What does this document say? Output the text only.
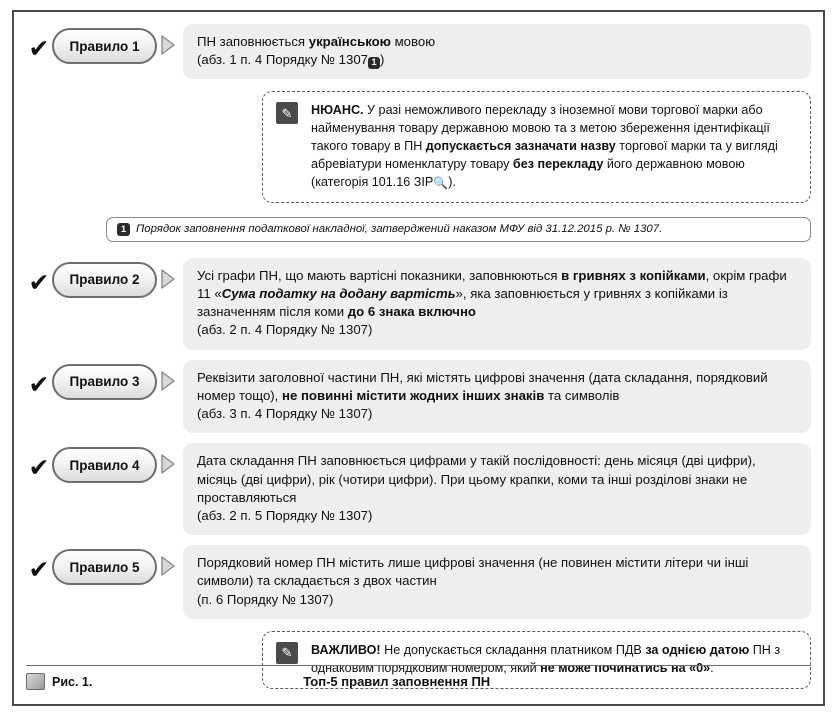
✔	Правило 1	ПН заповнюється українською мовою
(абз. 1 п. 4 Порядку № 1307 1 )
✎	НЮАНС. У разі неможливого перекладу з іноземної мови торгової марки або найменування товару державною мовою та з метою збереження ідентифікації такого товару в ПН допускається зазначати назву торгової марки та у вигляді абревіатури номенклатуру товару без перекладу його державною мовою (категорія 101.16 ЗІР🔍).
1 Порядок заповнення податкової накладної, затверджений наказом МФУ від 31.12.2015 р. № 1307.
✔	Правило 2	Усі графи ПН, що мають вартісні показники, заповнюються в гривнях з копійками, окрім графи 11 «Сума податку на додану вартість», яка заповнюється у гривнях з копійками із зазначенням після коми до 6 знака включно
(абз. 2 п. 4 Порядку № 1307)
✔	Правило 3	Реквізити заголовної частини ПН, які містять цифрові значення (дата складання, порядковий номер тощо), не повинні містити жодних інших знаків та символів
(абз. 3 п. 4 Порядку № 1307)
✔	Правило 4	Дата складання ПН заповнюється цифрами у такій послідовності: день місяця (дві цифри), місяць (дві цифри), рік (чотири цифри). При цьому крапки, коми та інші розділові знаки не проставляються
(абз. 2 п. 5 Порядку № 1307)
✔	Правило 5	Порядковий номер ПН містить лише цифрові значення (не повинен містити літери чи інші символи) та складається з двох частин
(п. 6 Порядку № 1307)
✎	ВАЖЛИВО! Не допускається складання платником ПДВ за однією датою ПН з однаковим порядковим номером, який не може починатись на «0».
Рис. 1.	Топ-5 правил заповнення ПН
